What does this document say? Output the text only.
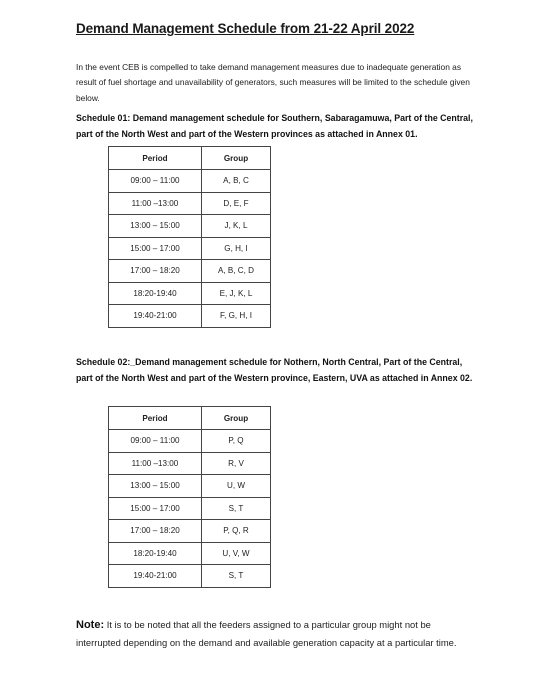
Demand Management Schedule from 21-22 April 2022
In the event CEB is compelled to take demand management measures due to inadequate generation as result of fuel shortage and unavailability of generators, such measures will be limited to the schedule given below.
Schedule 01: Demand management schedule for Southern, Sabaragamuwa, Part of the Central, part of the North West and part of the Western provinces as attached in Annex 01.
Period	Group
09:00 – 11:00	A, B, C
11:00 –13:00	D, E, F
13:00 – 15:00	J, K, L
15:00 – 17:00	G, H, I
17:00 – 18:20	A, B, C, D
18:20-19:40	E, J, K, L
19:40-21:00	F, G, H, I
Schedule 02:_Demand management schedule for Nothern, North Central, Part of the Central, part of the North West and part of the Western province, Eastern, UVA as attached in Annex 02.
Period	Group
09:00 – 11:00	P, Q
11:00 –13:00	R, V
13:00 – 15:00	U, W
15:00 – 17:00	S, T
17:00 – 18:20	P, Q, R
18:20-19:40	U, V, W
19:40-21:00	S, T
Note: It is to be noted that all the feeders assigned to a particular group might not be interrupted depending on the demand and available generation capacity at a particular time.
